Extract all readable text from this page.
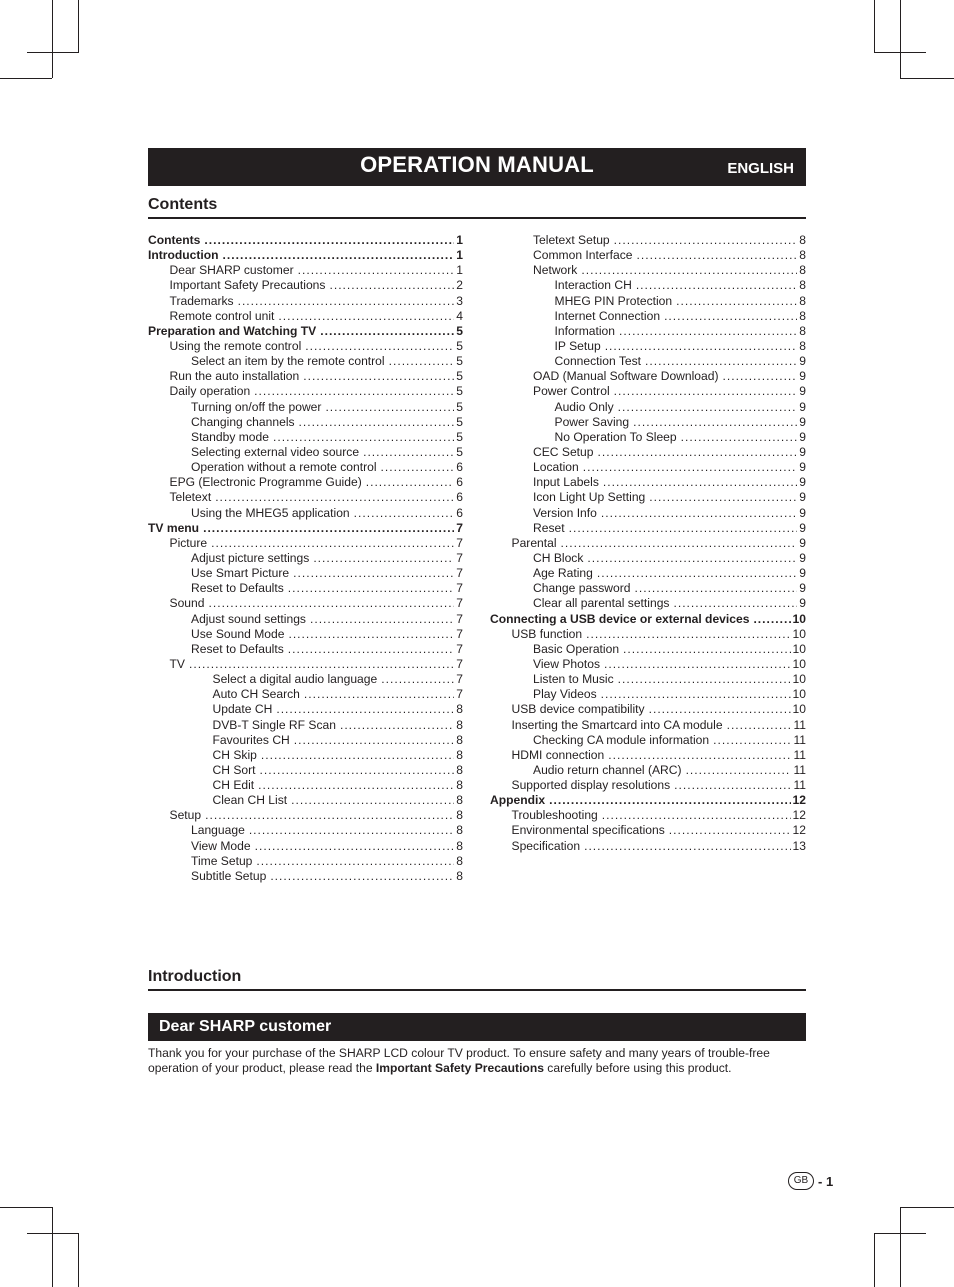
OPERATION MANUAL	ENGLISH
Contents
Contents .....	1
Introduction .....	1
Dear SHARP customer .....	1
Important Safety Precautions .....	2
Trademarks .....	3
Remote control unit .....	4
Preparation and Watching TV .....	5
Using the remote control .....	5
Select an item by the remote control .....	5
Run the auto installation .....	5
Daily operation .....	5
Turning on/off the power .....	5
Changing channels .....	5
Standby mode .....	5
Selecting external video source .....	5
Operation without a remote control .....	6
EPG (Electronic Programme Guide) .....	6
Teletext .....	6
Using the MHEG5 application .....	6
TV menu .....	7
Picture .....	7
Adjust picture settings .....	7
Use Smart Picture .....	7
Reset to Defaults .....	7
Sound .....	7
Adjust sound settings .....	7
Use Sound Mode .....	7
Reset to Defaults .....	7
TV .....	7
Select a digital audio language .....	7
Auto CH Search .....	7
Update CH .....	8
DVB-T Single RF Scan .....	8
Favourites CH .....	8
CH Skip .....	8
CH Sort .....	8
CH Edit .....	8
Clean CH List .....	8
Setup .....	8
Language .....	8
View Mode .....	8
Time Setup .....	8
Subtitle Setup .....	8
Teletext Setup .....	8
Common Interface .....	8
Network .....	8
Interaction CH .....	8
MHEG PIN Protection .....	8
Internet Connection .....	8
Information .....	8
IP Setup .....	8
Connection Test .....	9
OAD (Manual Software Download) .....	9
Power Control .....	9
Audio Only .....	9
Power Saving .....	9
No Operation To Sleep .....	9
CEC Setup .....	9
Location .....	9
Input Labels .....	9
Icon Light Up Setting .....	9
Version Info .....	9
Reset .....	9
Parental .....	9
CH Block .....	9
Age Rating .....	9
Change password .....	9
Clear all parental settings .....	9
Connecting a USB device or external devices .....	10
USB function .....	10
Basic Operation .....	10
View Photos .....	10
Listen to Music .....	10
Play Videos .....	10
USB device compatibility .....	10
Inserting the Smartcard into CA module .....	11
Checking CA module information .....	11
HDMI connection .....	11
Audio return channel (ARC) .....	11
Supported display resolutions .....	11
Appendix .....	12
Troubleshooting .....	12
Environmental specifications .....	12
Specification .....	13
Introduction
Dear SHARP customer
Thank you for your purchase of the SHARP LCD colour TV product. To ensure safety and many years of trouble-free operation of your product, please read the Important Safety Precautions carefully before using this product.
GB - 1
